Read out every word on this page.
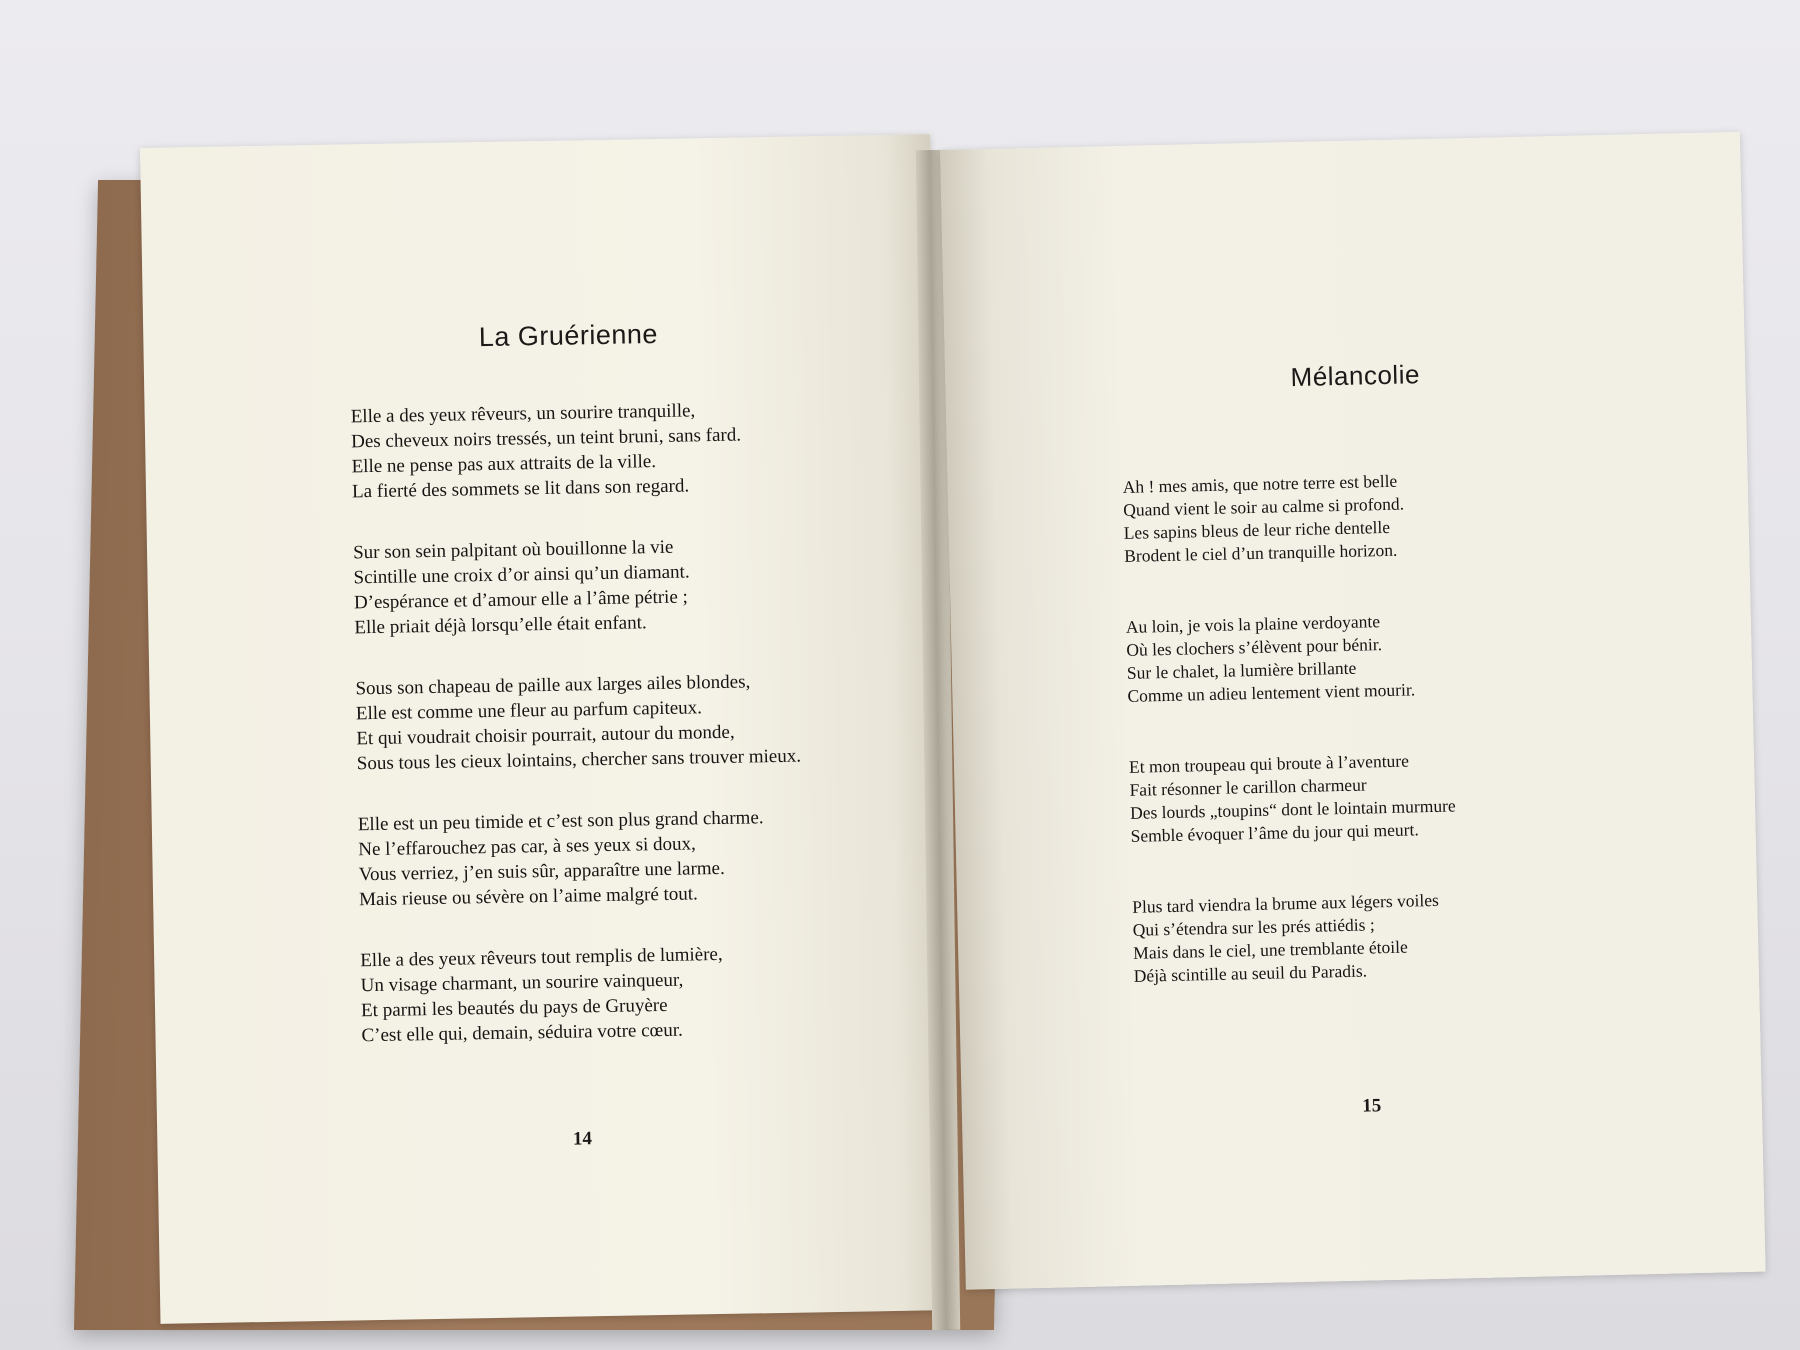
La Gruérienne
Elle a des yeux rêveurs, un sourire tranquille,
Des cheveux noirs tressés, un teint bruni, sans fard.
Elle ne pense pas aux attraits de la ville.
La fierté des sommets se lit dans son regard.
Sur son sein palpitant où bouillonne la vie
Scintille une croix d’or ainsi qu’un diamant.
D’espérance et d’amour elle a l’âme pétrie ;
Elle priait déjà lorsqu’elle était enfant.
Sous son chapeau de paille aux larges ailes blondes,
Elle est comme une fleur au parfum capiteux.
Et qui voudrait choisir pourrait, autour du monde,
Sous tous les cieux lointains, chercher sans trouver mieux.
Elle est un peu timide et c’est son plus grand charme.
Ne l’effarouchez pas car, à ses yeux si doux,
Vous verriez, j’en suis sûr, apparaître une larme.
Mais rieuse ou sévère on l’aime malgré tout.
Elle a des yeux rêveurs tout remplis de lumière,
Un visage charmant, un sourire vainqueur,
Et parmi les beautés du pays de Gruyère
C’est elle qui, demain, séduira votre cœur.
14
Mélancolie
Ah ! mes amis, que notre terre est belle
Quand vient le soir au calme si profond.
Les sapins bleus de leur riche dentelle
Brodent le ciel d’un tranquille horizon.
Au loin, je vois la plaine verdoyante
Où les clochers s’élèvent pour bénir.
Sur le chalet, la lumière brillante
Comme un adieu lentement vient mourir.
Et mon troupeau qui broute à l’aventure
Fait résonner le carillon charmeur
Des lourds „toupins“ dont le lointain murmure
Semble évoquer l’âme du jour qui meurt.
Plus tard viendra la brume aux légers voiles
Qui s’étendra sur les prés attiédis ;
Mais dans le ciel, une tremblante étoile
Déjà scintille au seuil du Paradis.
15
